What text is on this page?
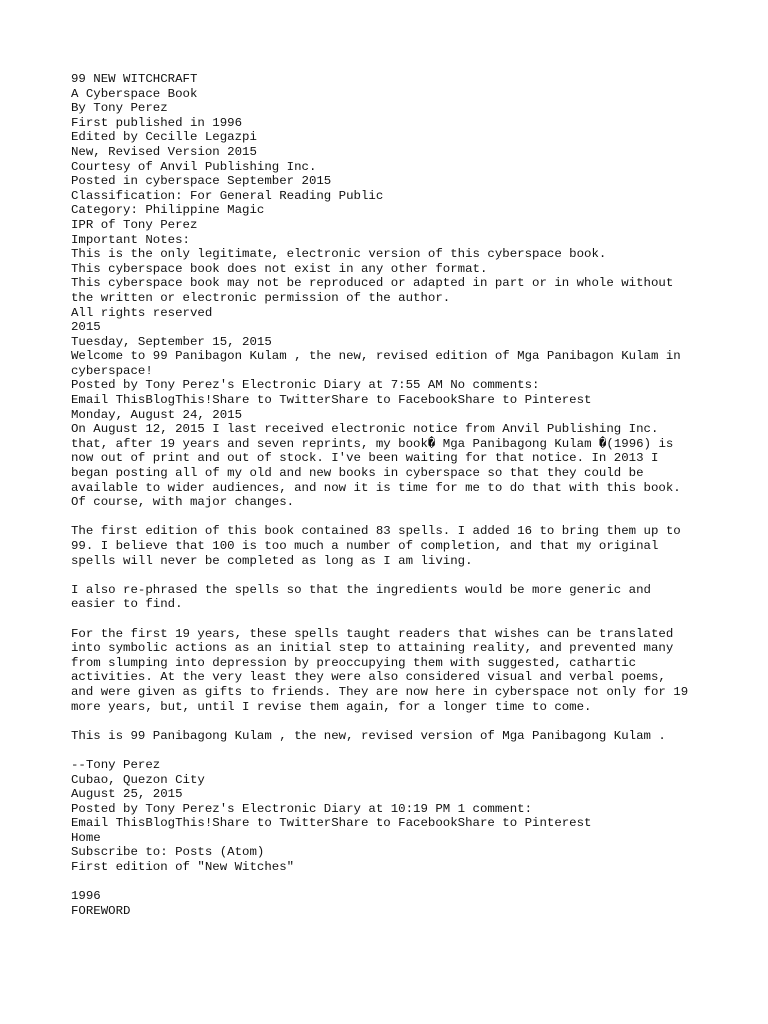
99 NEW WITCHCRAFT
A Cyberspace Book
By Tony Perez
First published in 1996
Edited by Cecille Legazpi
New, Revised Version 2015
Courtesy of Anvil Publishing Inc.
Posted in cyberspace September 2015
Classification: For General Reading Public
Category: Philippine Magic
IPR of Tony Perez
Important Notes:
This is the only legitimate, electronic version of this cyberspace book.
This cyberspace book does not exist in any other format.
This cyberspace book may not be reproduced or adapted in part or in whole without
the written or electronic permission of the author.
All rights reserved
2015
Tuesday, September 15, 2015
Welcome to 99 Panibagon Kulam , the new, revised edition of Mga Panibagon Kulam in
cyberspace!
Posted by Tony Perez's Electronic Diary at 7:55 AM No comments:
Email ThisBlogThis!Share to TwitterShare to FacebookShare to Pinterest
Monday, August 24, 2015
On August 12, 2015 I last received electronic notice from Anvil Publishing Inc.
that, after 19 years and seven reprints, my book� Mga Panibagong Kulam �(1996) is
now out of print and out of stock. I've been waiting for that notice. In 2013 I
began posting all of my old and new books in cyberspace so that they could be
available to wider audiences, and now it is time for me to do that with this book.
Of course, with major changes.
The first edition of this book contained 83 spells. I added 16 to bring them up to
99. I believe that 100 is too much a number of completion, and that my original
spells will never be completed as long as I am living.
I also re-phrased the spells so that the ingredients would be more generic and
easier to find.
For the first 19 years, these spells taught readers that wishes can be translated
into symbolic actions as an initial step to attaining reality, and prevented many
from slumping into depression by preoccupying them with suggested, cathartic
activities. At the very least they were also considered visual and verbal poems,
and were given as gifts to friends. They are now here in cyberspace not only for 19
more years, but, until I revise them again, for a longer time to come.
This is 99 Panibagong Kulam , the new, revised version of Mga Panibagong Kulam .
--Tony Perez
Cubao, Quezon City
August 25, 2015
Posted by Tony Perez's Electronic Diary at 10:19 PM 1 comment:
Email ThisBlogThis!Share to TwitterShare to FacebookShare to Pinterest
Home
Subscribe to: Posts (Atom)
First edition of "New Witches"
1996
FOREWORD
